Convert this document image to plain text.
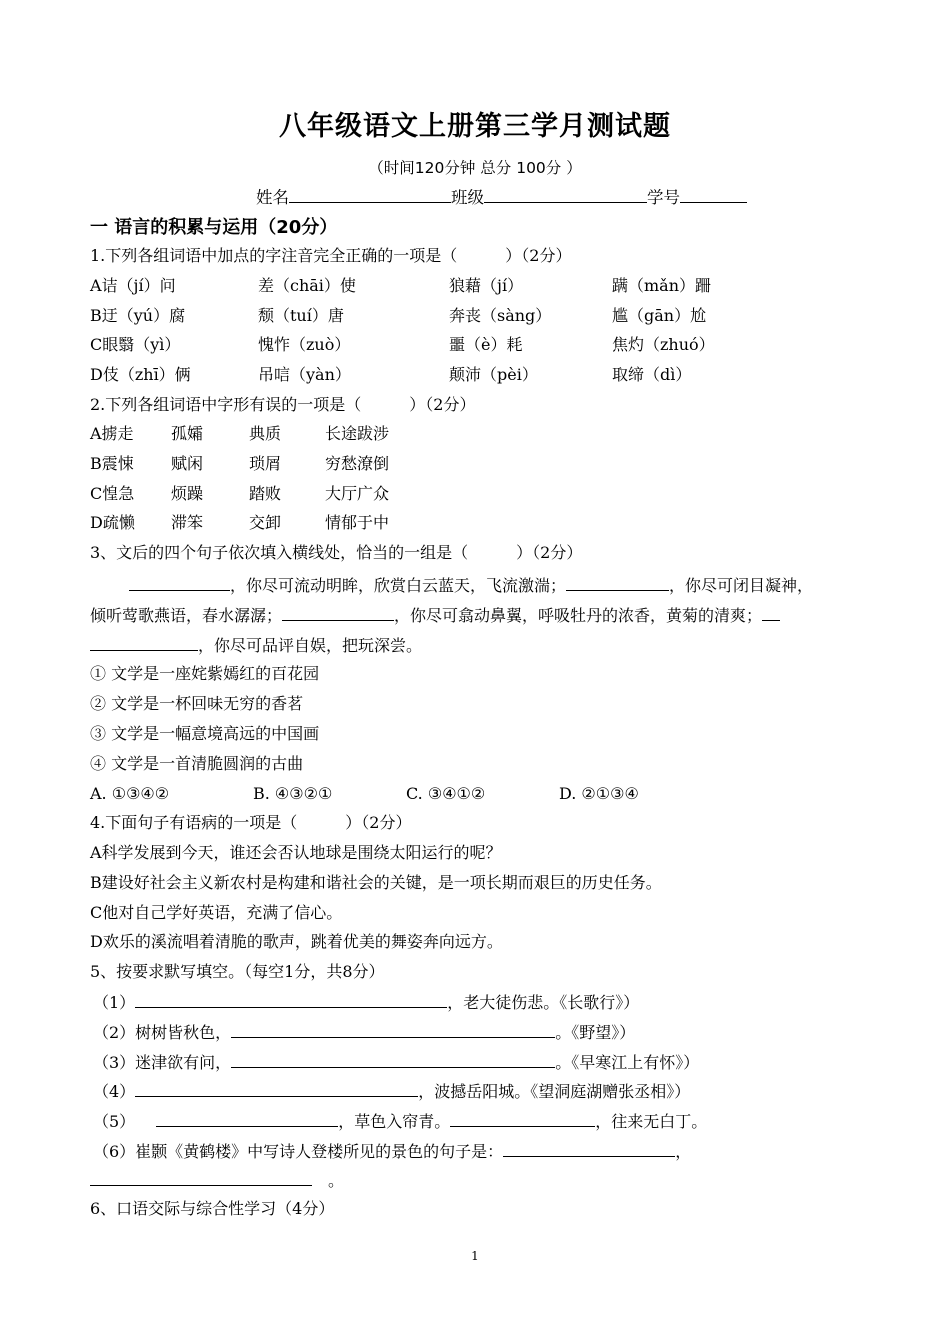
八年级语文上册第三学月测试题
（时间120分钟 总分 100分 ）
姓名	班级	学号
一 语言的积累与运用（20分）
1.下列各组词语中加点的字注音完全正确的一项是（　　　）（2分）
A诘（jí）问	差（chāi）使	狼藉（jí）	蹒（mǎn）跚
B迂（yú）腐	颓（tuí）唐	奔丧（sàng）	尴（gān）尬
C眼翳（yì）	愧怍（zuò）	噩（è）耗	焦灼（zhuó）
D伎（zhī）俩	吊唁（yàn）	颠沛（pèi）	取缔（dì）
2.下列各组词语中字形有误的一项是（　　　）（2分）
A掳走 孤孀	典质	长途跋涉
B震悚 赋闲	琐屑	穷愁潦倒
C惶急 烦躁	踏败	大厅广众
D疏懒 滞笨	交卸	情郁于中
3、文后的四个句子依次填入横线处，恰当的一组是（　　　）（2分）
，你尽可流动明眸，欣赏白云蓝天，飞流激湍；	，你尽可闭目凝神，
倾听莺歌燕语，春水潺潺；	，你尽可翕动鼻翼，呼吸牡丹的浓香，黄菊的清爽；
，你尽可品评自娱，把玩深尝。
① 文学是一座姹紫嫣红的百花园
② 文学是一杯回味无穷的香茗
③ 文学是一幅意境高远的中国画
④ 文学是一首清脆圆润的古曲
A. ①③④②	B. ④③②①	C. ③④①②	D. ②①③④
4.下面句子有语病的一项是（　　　）（2分）
A科学发展到今天，谁还会否认地球是围绕太阳运行的呢？
B建设好社会主义新农村是构建和谐社会的关键，是一项长期而艰巨的历史任务。
C他对自己学好英语，充满了信心。
D欢乐的溪流唱着清脆的歌声，跳着优美的舞姿奔向远方。
5、按要求默写填空。（每空1分，共8分）
（1）	，老大徒伤悲。《长歌行》）
（2）树树皆秋色，	。《野望》）
（3）迷津欲有问，	。《早寒江上有怀》）
（4）	，波撼岳阳城。《望洞庭湖赠张丞相》）
（5）	，草色入帘青。	，往来无白丁。
（6）崔颢《黄鹤楼》中写诗人登楼所见的景色的句子是：	，
。
6、口语交际与综合性学习（4分）
1
